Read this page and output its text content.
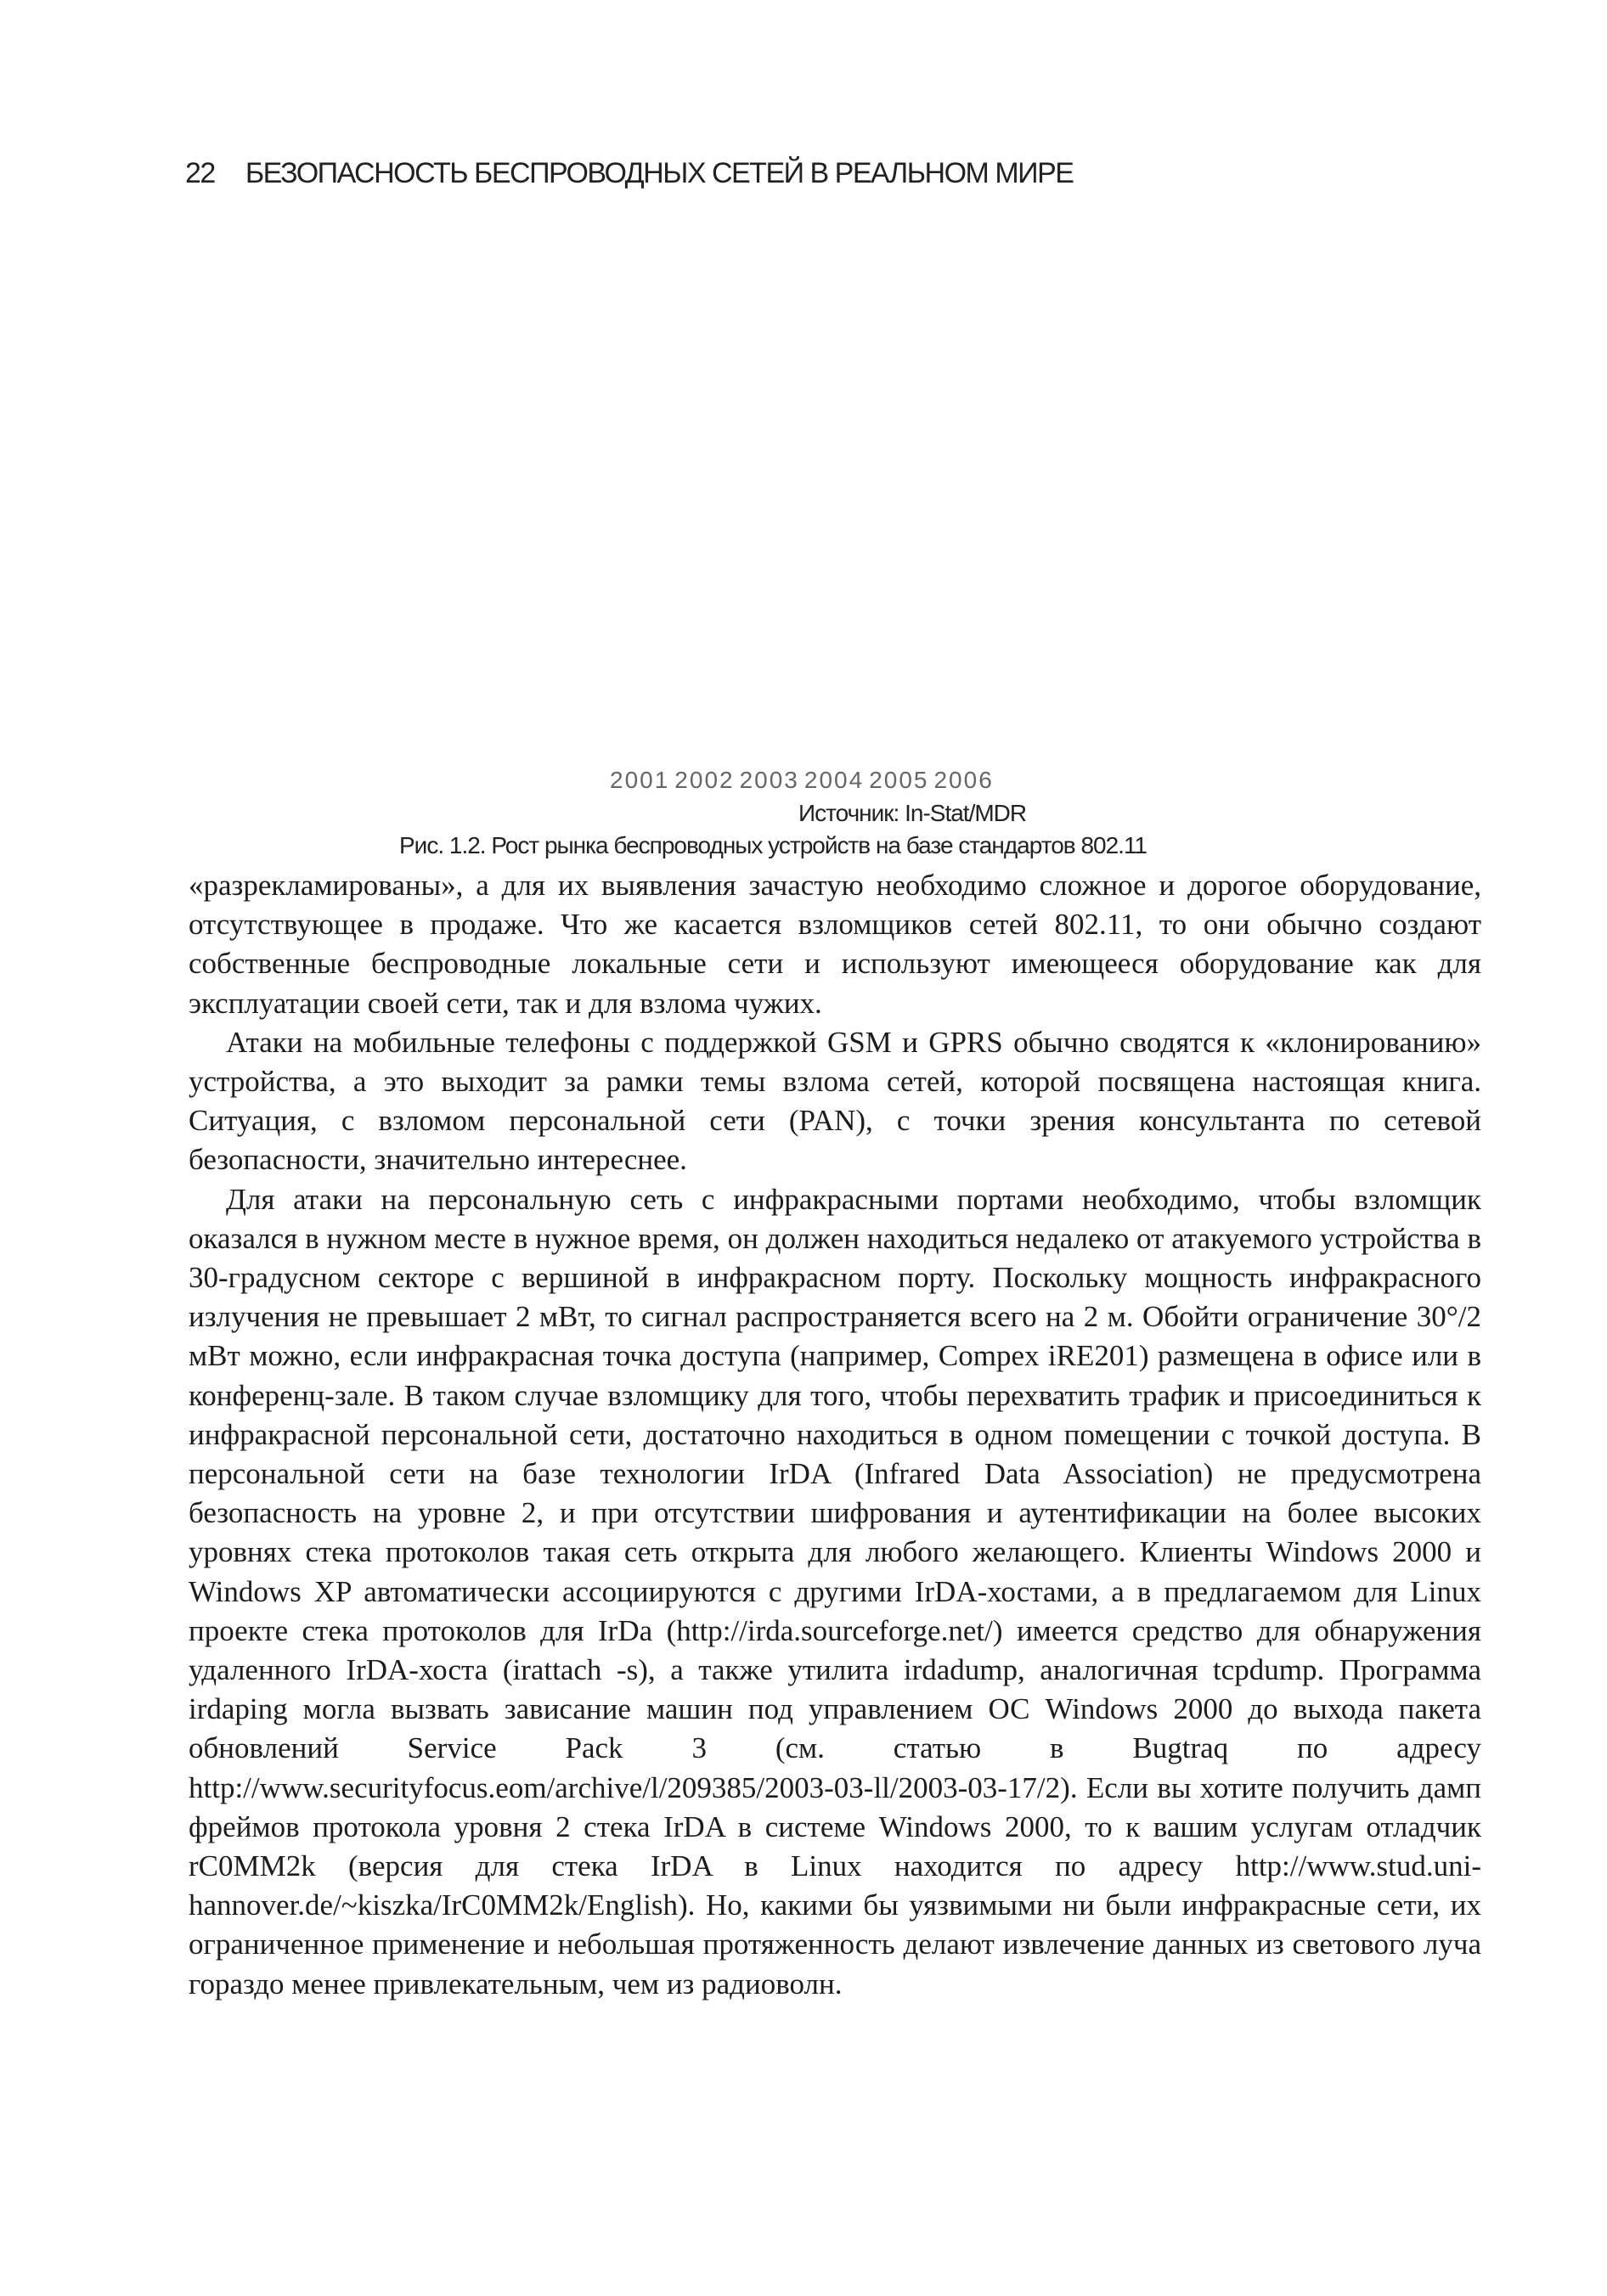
22 БЕЗОПАСНОСТЬ БЕСПРОВОДНЫХ СЕТЕЙ В РЕАЛЬНОМ МИРЕ
2001 2002 2003 2004 2005 2006
Источник: In-Stat/MDR
Рис. 1.2. Рост рынка беспроводных устройств на базе стандартов 802.11

«разрекламированы», а для их выявления зачастую необходимо сложное и дорогое оборудование, отсутствующее в продаже. Что же касается взломщиков сетей 802.11, то они обычно создают собственные беспроводные локальные сети и используют имеющееся оборудование как для эксплуатации своей сети, так и для взлома чужих.

Атаки на мобильные телефоны с поддержкой GSM и GPRS обычно сводятся к «клонированию» устройства, а это выходит за рамки темы взлома сетей, которой посвящена настоящая книга. Ситуация, с взломом персональной сети (PAN), с точки зрения консультанта по сетевой безопасности, значительно интереснее.

Для атаки на персональную сеть с инфракрасными портами необходимо, чтобы взломщик оказался в нужном месте в нужное время, он должен находиться недалеко от атакуемого устройства в 30-градусном секторе с вершиной в инфракрасном порту. Поскольку мощность инфракрасного излучения не превышает 2 мВт, то сигнал распространяется всего на 2 м. Обойти ограничение 30°/2 мВт можно, если инфракрасная точка доступа (например, Compex iRE201) размещена в офисе или в конференц-зале. В таком случае взломщику для того, чтобы перехватить трафик и присоединиться к инфракрасной персональной сети, достаточно находиться в одном помещении с точкой доступа. В персональной сети на базе технологии IrDA (Infrared Data Association) не предусмотрена безопасность на уровне 2, и при отсутствии шифрования и аутентификации на более высоких уровнях стека протоколов такая сеть открыта для любого желающего. Клиенты Windows 2000 и Windows XP автоматически ассоциируются с другими IrDA-хостами, а в предлагаемом для Linux проекте стека протоколов для IrDa (http://irda.sourceforge.net/) имеется средство для обнаружения удаленного IrDA-хоста (irattach -s), а также утилита irdadump, аналогичная tcpdump. Программа irdaping могла вызвать зависание машин под управлением ОС Windows 2000 до выхода пакета обновлений Service Pack 3 (см. статью в Bugtraq по адресу http://www.securityfocus.eom/archive/l/209385/2003-03-ll/2003-03-17/2). Если вы хотите получить дамп фреймов протокола уровня 2 стека IrDA в системе Windows 2000, то к вашим услугам отладчик rC0MM2k (версия для стека IrDA в Linux находится по адресу http://www.stud.uni-hannover.de/~kiszka/IrC0MM2k/English). Но, какими бы уязвимыми ни были инфракрасные сети, их ограниченное применение и небольшая протяженность делают извлечение данных из светового луча гораздо менее привлекательным, чем из радиоволн.
